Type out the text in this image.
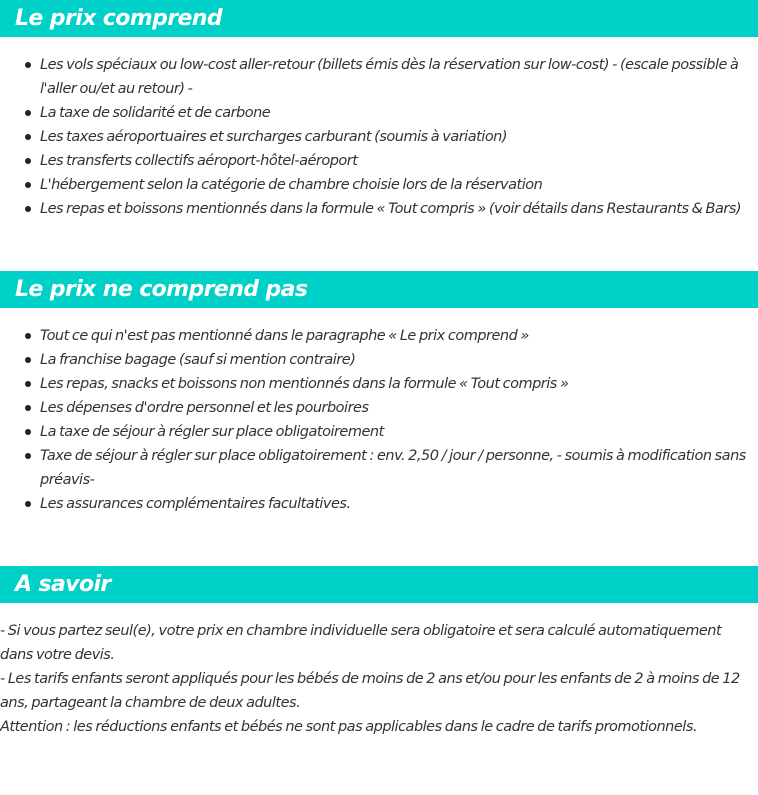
Le prix comprend
Les vols spéciaux ou low-cost aller-retour (billets émis dès la réservation sur low-cost) - (escale possible à l'aller ou/et au retour) -
La taxe de solidarité et de carbone
Les taxes aéroportuaires et surcharges carburant (soumis à variation)
Les transferts collectifs aéroport-hôtel-aéroport
L'hébergement selon la catégorie de chambre choisie lors de la réservation
Les repas et boissons mentionnés dans la formule « Tout compris » (voir détails dans Restaurants & Bars)
Le prix ne comprend pas
Tout ce qui n'est pas mentionné dans le paragraphe « Le prix comprend »
La franchise bagage (sauf si mention contraire)
Les repas, snacks et boissons non mentionnés dans la formule « Tout compris »
Les dépenses d'ordre personnel et les pourboires
La taxe de séjour à régler sur place obligatoirement
Taxe de séjour à régler sur place obligatoirement : env. 2,50 / jour / personne, - soumis à modification sans préavis-
Les assurances complémentaires facultatives.
A savoir

- Si vous partez seul(e), votre prix en chambre individuelle sera obligatoire et sera calculé automatiquement dans votre devis.

- Les tarifs enfants seront appliqués pour les bébés de moins de 2 ans et/ou pour les enfants de 2 à moins de 12 ans, partageant la chambre de deux adultes.

Attention : les réductions enfants et bébés ne sont pas applicables dans le cadre de tarifs promotionnels.
